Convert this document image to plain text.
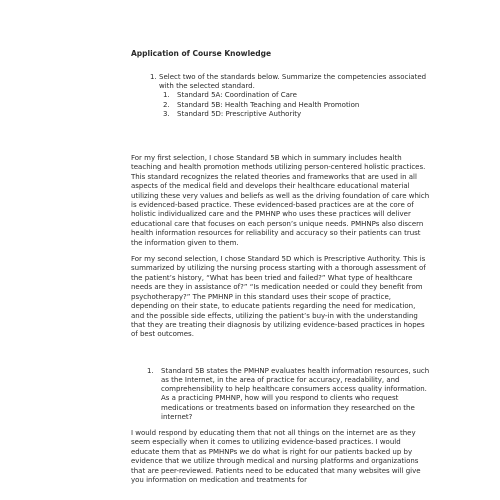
Application of Course Knowledge
1. Select two of the standards below. Summarize the competencies associated with the selected standard.
1. Standard 5A: Coordination of Care
2. Standard 5B: Health Teaching and Health Promotion
3. Standard 5D: Prescriptive Authority

For my first selection, I chose Standard 5B which in summary includes health teaching and health promotion methods utilizing person-centered holistic practices. This standard recognizes the related theories and frameworks that are used in all aspects of the medical field and develops their healthcare educational material utilizing these very values and beliefs as well as the driving foundation of care which is evidenced-based practice. These evidenced-based practices are at the core of holistic individualized care and the PMHNP who uses these practices will deliver educational care that focuses on each person’s unique needs. PMHNPs also discern health information resources for reliability and accuracy so their patients can trust the information given to them.

For my second selection, I chose Standard 5D which is Prescriptive Authority. This is summarized by utilizing the nursing process starting with a thorough assessment of the patient’s history, “What has been tried and failed?” What type of healthcare needs are they in assistance of?” “Is medication needed or could they benefit from psychotherapy?” The PMHNP in this standard uses their scope of practice, depending on their state, to educate patients regarding the need for medication, and the possible side effects, utilizing the patient’s buy-in with the understanding that they are treating their diagnosis by utilizing evidence-based practices in hopes of best outcomes.

1. Standard 5B states the PMHNP evaluates health information resources, such as the Internet, in the area of practice for accuracy, readability, and comprehensibility to help healthcare consumers access quality information. As a practicing PMHNP, how will you respond to clients who request medications or treatments based on information they researched on the internet?

I would respond by educating them that not all things on the internet are as they seem especially when it comes to utilizing evidence-based practices. I would educate them that as PMHNPs we do what is right for our patients backed up by evidence that we utilize through medical and nursing platforms and organizations that are peer-reviewed. Patients need to be educated that many websites will give you information on medication and treatments for
